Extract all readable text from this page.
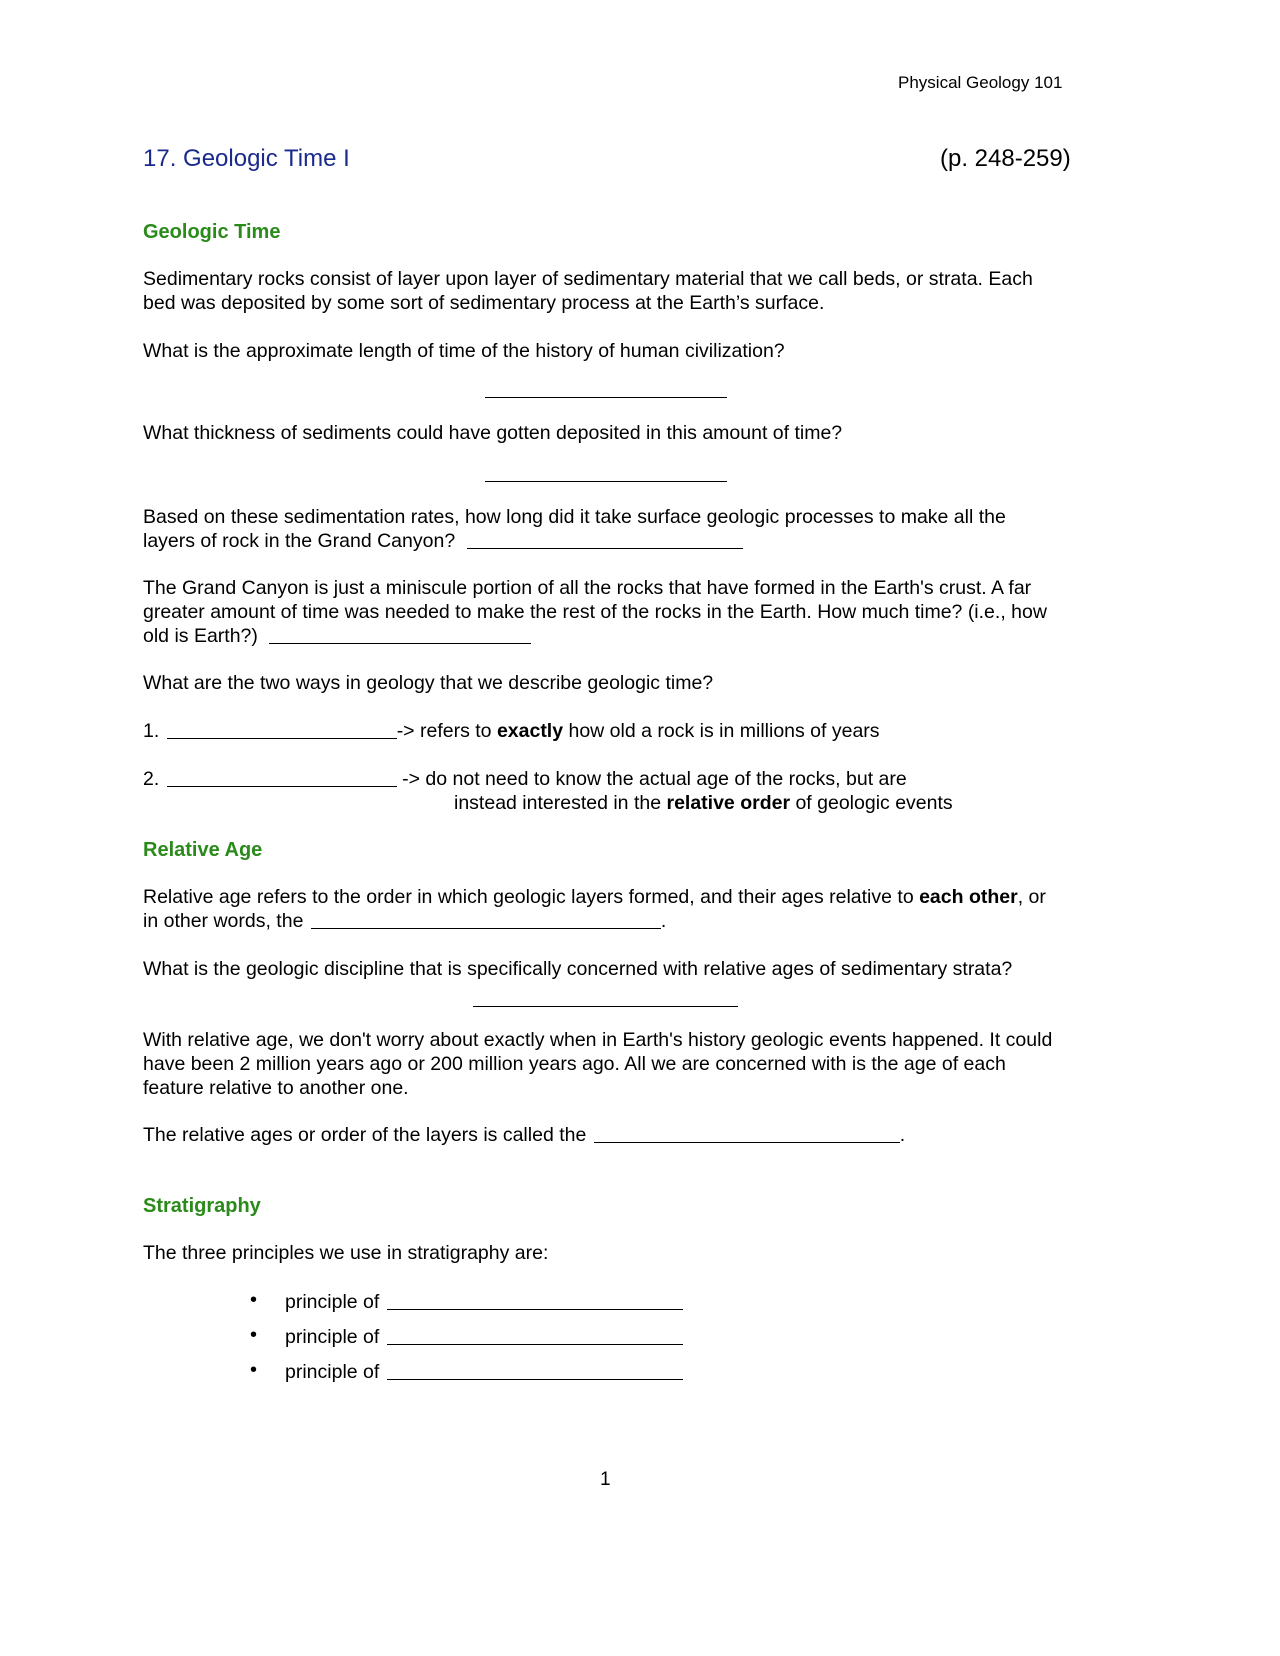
Physical Geology 101
17. Geologic Time I	(p. 248-259)
Geologic Time
Sedimentary rocks consist of layer upon layer of sedimentary material that we call beds, or strata. Each
bed was deposited by some sort of sedimentary process at the Earth’s surface.
What is the approximate length of time of the history of human civilization?
What thickness of sediments could have gotten deposited in this amount of time?
Based on these sedimentation rates, how long did it take surface geologic processes to make all the
layers of rock in the Grand Canyon?
The Grand Canyon is just a miniscule portion of all the rocks that have formed in the Earth's crust. A far
greater amount of time was needed to make the rest of the rocks in the Earth. How much time? (i.e., how
old is Earth?)
What are the two ways in geology that we describe geologic time?
1.	-> refers to exactly how old a rock is in millions of years
2.	-> do not need to know the actual age of the rocks, but are
instead interested in the relative order of geologic events
Relative Age
Relative age refers to the order in which geologic layers formed, and their ages relative to each other, or
in other words, the	.
What is the geologic discipline that is specifically concerned with relative ages of sedimentary strata?
With relative age, we don't worry about exactly when in Earth's history geologic events happened. It could
have been 2 million years ago or 200 million years ago. All we are concerned with is the age of each
feature relative to another one.
The relative ages or order of the layers is called the	.
Stratigraphy
The three principles we use in stratigraphy are:
• principle of
• principle of
• principle of
1
